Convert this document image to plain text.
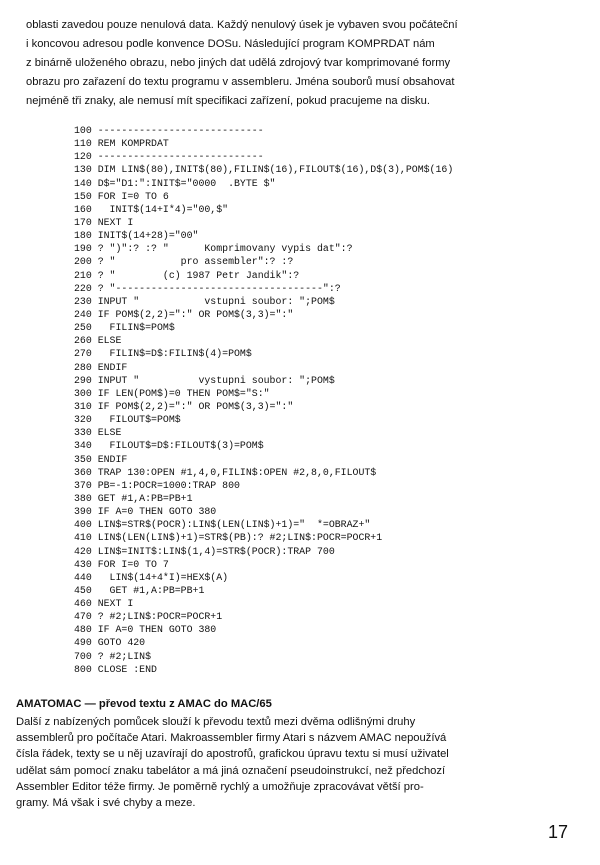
oblasti zavedou pouze nenulová data. Každý nenulový úsek je vybaven svou počáteční
i koncovou adresou podle konvence DOSu. Následující program KOMPRDAT nám
z binárně uloženého obrazu, nebo jiných dat udělá zdrojový tvar komprimované formy
obrazu pro zařazení do textu programu v assembleru. Jména souborů musí obsahovat
nejméně tři znaky, ale nemusí mít specifikaci zařízení, pokud pracujeme na disku.
100 ----------------------------
110 REM KOMPRDAT
120 ----------------------------
130 DIM LIN$(80),INIT$(80),FILIN$(16),FILOUT$(16),D$(3),POM$(16)
140 D$="D1:":INIT$="0000  .BYTE $"
150 FOR I=0 TO 6
160   INIT$(14+I*4)="00,$"
170 NEXT I
180 INIT$(14+28)="00"
190 ? ")":? :? "      Komprimovany vypis dat":?
200 ? "           pro assembler":? :?
210 ? "        (c) 1987 Petr Jandik":?
220 ? "-----------------------------------":?
230 INPUT "           vstupni soubor: ";POM$
240 IF POM$(2,2)=":" OR POM$(3,3)=":"
250   FILIN$=POM$
260 ELSE
270   FILIN$=D$:FILIN$(4)=POM$
280 ENDIF
290 INPUT "          vystupni soubor: ";POM$
300 IF LEN(POM$)=0 THEN POM$="S:"
310 IF POM$(2,2)=":" OR POM$(3,3)=":"
320   FILOUT$=POM$
330 ELSE
340   FILOUT$=D$:FILOUT$(3)=POM$
350 ENDIF
360 TRAP 130:OPEN #1,4,0,FILIN$:OPEN #2,8,0,FILOUT$
370 PB=-1:POCR=1000:TRAP 800
380 GET #1,A:PB=PB+1
390 IF A=0 THEN GOTO 380
400 LIN$=STR$(POCR):LIN$(LEN(LIN$)+1)="  *=OBRAZ+"
410 LIN$(LEN(LIN$)+1)=STR$(PB):? #2;LIN$:POCR=POCR+1
420 LIN$=INIT$:LIN$(1,4)=STR$(POCR):TRAP 700
430 FOR I=0 TO 7
440   LIN$(14+4*I)=HEX$(A)
450   GET #1,A:PB=PB+1
460 NEXT I
470 ? #2;LIN$:POCR=POCR+1
480 IF A=0 THEN GOTO 380
490 GOTO 420
700 ? #2;LIN$
800 CLOSE :END
AMATOMAC — převod textu z AMAC do MAC/65
Další z nabízených pomůcek slouží k převodu textů mezi dvěma odlišnými druhy
assemblerů pro počítače Atari. Makroassembler firmy Atari s názvem AMAC nepoužívá
čísla řádek, texty se u něj uzavírají do apostrofů, grafickou úpravu textu si musí uživatel
udělat sám pomocí znaku tabelátor a má jiná označení pseudoinstrukcí, než předchozí
Assembler Editor téže firmy. Je poměrně rychlý a umožňuje zpracovávat větší pro-
gramy. Má však i své chyby a meze.
17
